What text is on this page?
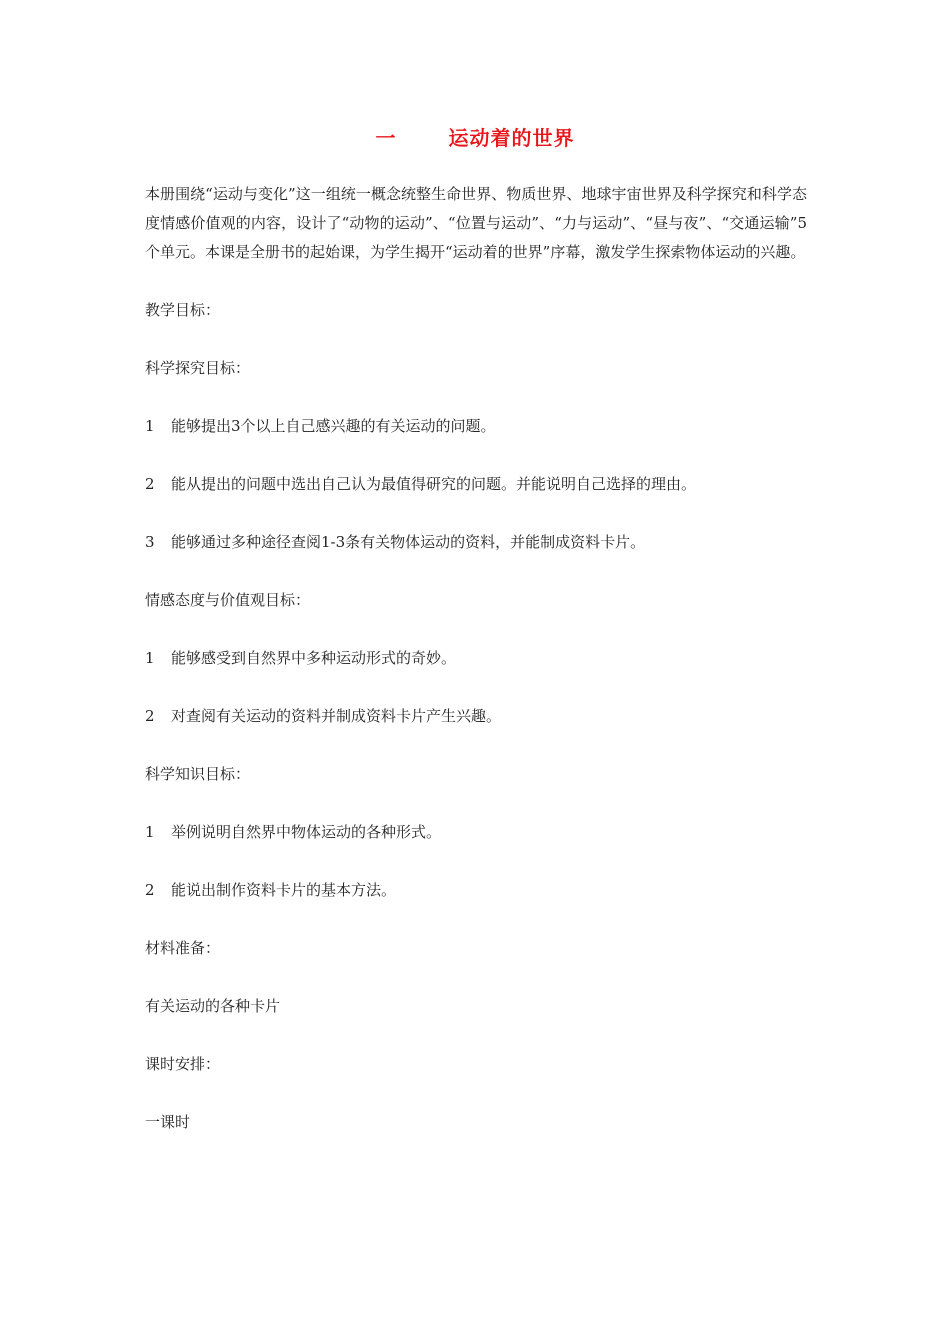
一	运动着的世界

本册围绕“运动与变化”这一组统一概念统整生命世界、物质世界、地球宇宙世界及科学探究和科学态度情感价值观的内容，设计了“动物的运动”、“位置与运动”、“力与运动”、“昼与夜”、“交通运输”5个单元。本课是全册书的起始课，为学生揭开“运动着的世界”序幕，激发学生探索物体运动的兴趣。

教学目标：

科学探究目标：

1 能够提出3个以上自己感兴趣的有关运动的问题。

2 能从提出的问题中选出自己认为最值得研究的问题。并能说明自己选择的理由。

3 能够通过多种途径查阅1-3条有关物体运动的资料，并能制成资料卡片。

情感态度与价值观目标：

1 能够感受到自然界中多种运动形式的奇妙。

2 对查阅有关运动的资料并制成资料卡片产生兴趣。

科学知识目标：

1 举例说明自然界中物体运动的各种形式。

2 能说出制作资料卡片的基本方法。

材料准备：

有关运动的各种卡片

课时安排：

一课时
